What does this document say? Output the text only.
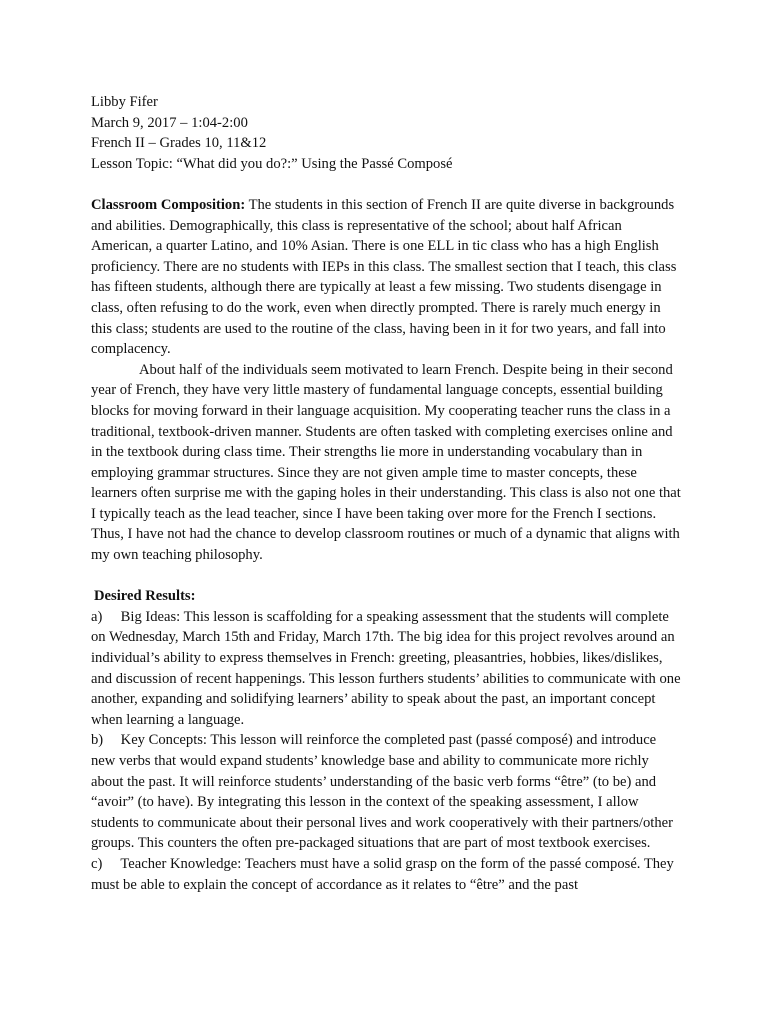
Libby Fifer

March 9, 2017 – 1:04-2:00

French II – Grades 10, 11&12

Lesson Topic: “What did you do?:” Using the Passé Composé

Classroom Composition: The students in this section of French II are quite diverse in backgrounds and abilities. Demographically, this class is representative of the school; about half African American, a quarter Latino, and 10% Asian. There is one ELL in tic class who has a high English proficiency. There are no students with IEPs in this class. The smallest section that I teach, this class has fifteen students, although there are typically at least a few missing. Two students disengage in class, often refusing to do the work, even when directly prompted. There is rarely much energy in this class; students are used to the routine of the class, having been in it for two years, and fall into complacency.

About half of the individuals seem motivated to learn French. Despite being in their second year of French, they have very little mastery of fundamental language concepts, essential building blocks for moving forward in their language acquisition. My cooperating teacher runs the class in a traditional, textbook-driven manner. Students are often tasked with completing exercises online and in the textbook during class time. Their strengths lie more in understanding vocabulary than in employing grammar structures. Since they are not given ample time to master concepts, these learners often surprise me with the gaping holes in their understanding. This class is also not one that I typically teach as the lead teacher, since I have been taking over more for the French I sections. Thus, I have not had the chance to develop classroom routines or much of a dynamic that aligns with my own teaching philosophy.

Desired Results:

a) Big Ideas: This lesson is scaffolding for a speaking assessment that the students will complete on Wednesday, March 15th and Friday, March 17th. The big idea for this project revolves around an individual’s ability to express themselves in French: greeting, pleasantries, hobbies, likes/dislikes, and discussion of recent happenings. This lesson furthers students’ abilities to communicate with one another, expanding and solidifying learners’ ability to speak about the past, an important concept when learning a language.

b) Key Concepts: This lesson will reinforce the completed past (passé composé) and introduce new verbs that would expand students’ knowledge base and ability to communicate more richly about the past. It will reinforce students’ understanding of the basic verb forms “être” (to be) and “avoir” (to have). By integrating this lesson in the context of the speaking assessment, I allow students to communicate about their personal lives and work cooperatively with their partners/other groups. This counters the often pre-packaged situations that are part of most textbook exercises.

c) Teacher Knowledge: Teachers must have a solid grasp on the form of the passé composé. They must be able to explain the concept of accordance as it relates to “être” and the past
